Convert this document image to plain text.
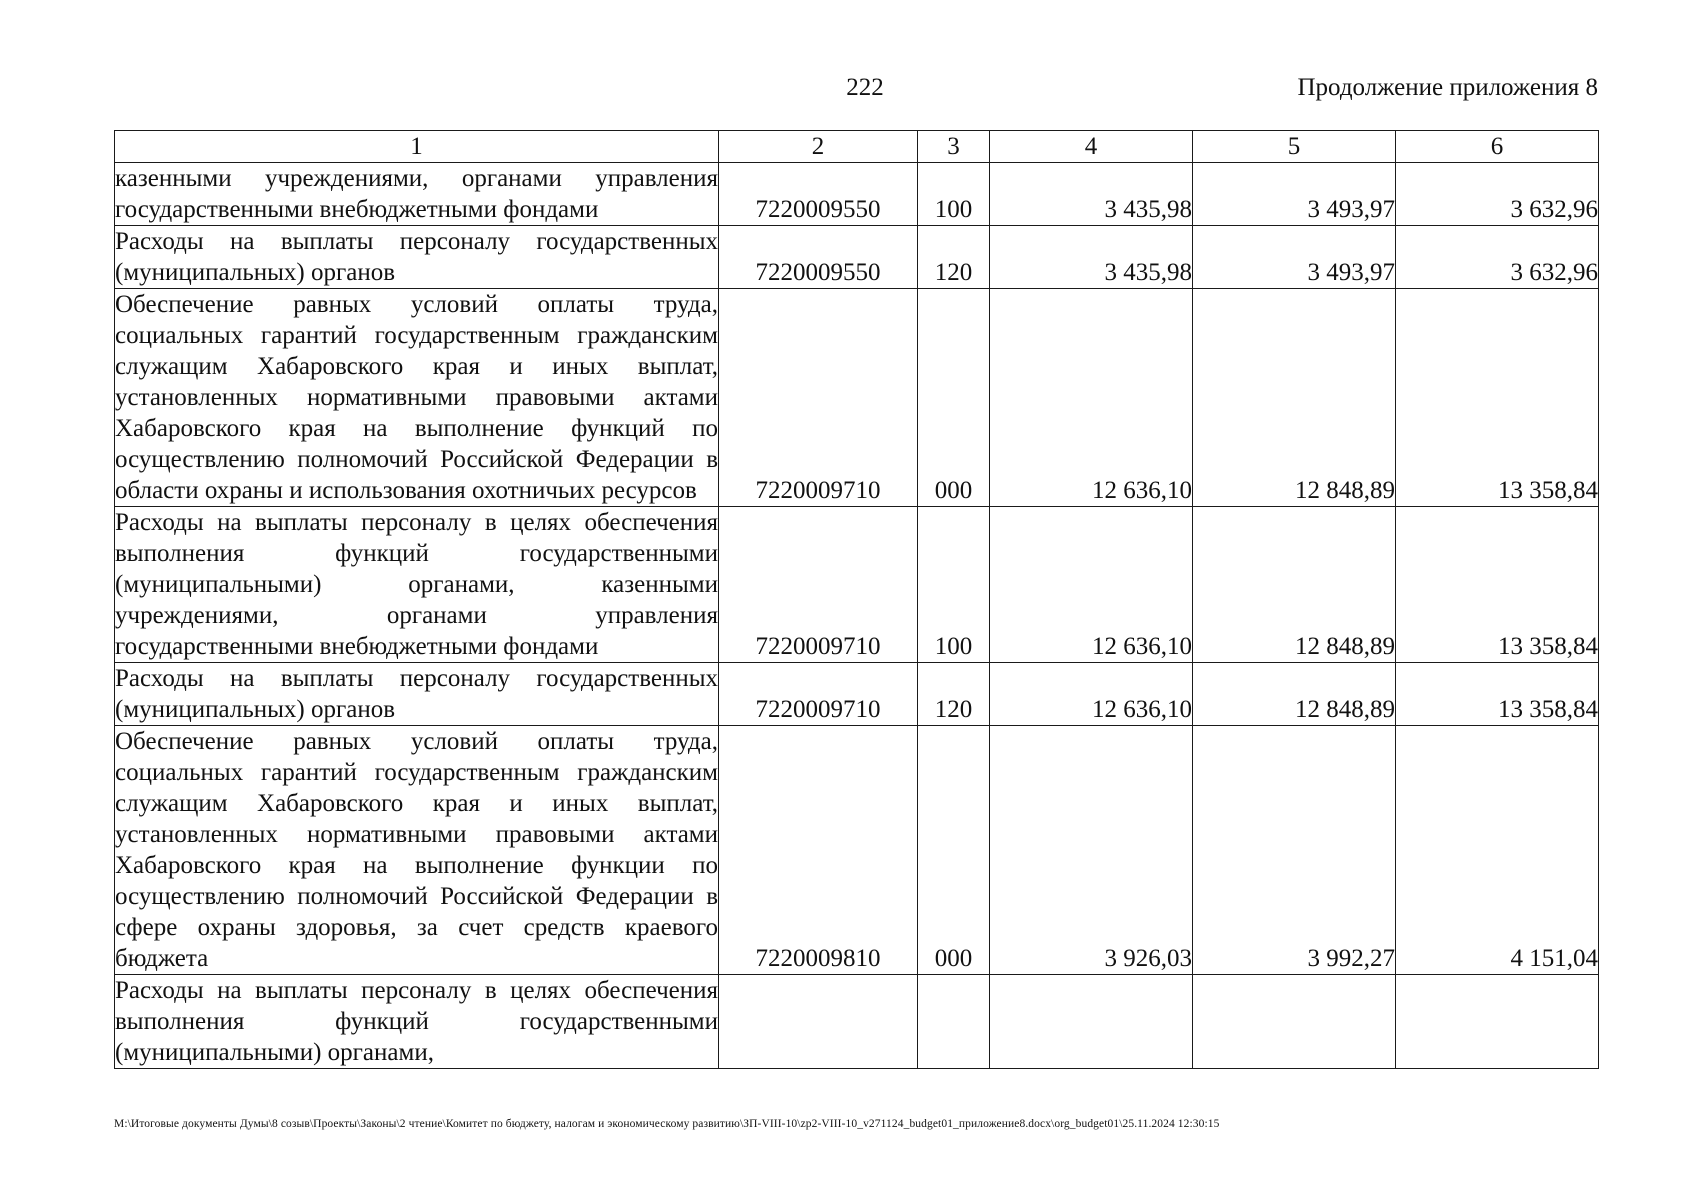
222	Продолжение приложения 8
1	2	3	4	5	6
казенными учреждениями, органами управления государственными внебюджетными фондами	7220009550	100	3 435,98	3 493,97	3 632,96
Расходы на выплаты персоналу государственных (муниципальных) органов	7220009550	120	3 435,98	3 493,97	3 632,96
Обеспечение равных условий оплаты труда, социальных гарантий государственным гражданским служащим Хабаровского края и иных выплат, установленных нормативными правовыми актами Хабаровского края на выполнение функций по осуществлению полномочий Российской Федерации в области охраны и использования охотничьих ресурсов	7220009710	000	12 636,10	12 848,89	13 358,84
Расходы на выплаты персоналу в целях обеспечения выполнения функций государственными (муниципальными) органами, казенными учреждениями, органами управления государственными внебюджетными фондами	7220009710	100	12 636,10	12 848,89	13 358,84
Расходы на выплаты персоналу государственных (муниципальных) органов	7220009710	120	12 636,10	12 848,89	13 358,84
Обеспечение равных условий оплаты труда, социальных гарантий государственным гражданским служащим Хабаровского края и иных выплат, установленных нормативными правовыми актами Хабаровского края на выполнение функции по осуществлению полномочий Российской Федерации в сфере охраны здоровья, за счет средств краевого бюджета	7220009810	000	3 926,03	3 992,27	4 151,04
Расходы на выплаты персоналу в целях обеспечения выполнения функций государственными (муниципальными) органами,					
M:\Итоговые документы Думы\8 созыв\Проекты\Законы\2 чтение\Комитет по бюджету, налогам и экономическому развитию\ЗП-VIII-10\zp2-VIII-10_v271124_budget01_приложение8.docx\org_budget01\25.11.2024 12:30:15
